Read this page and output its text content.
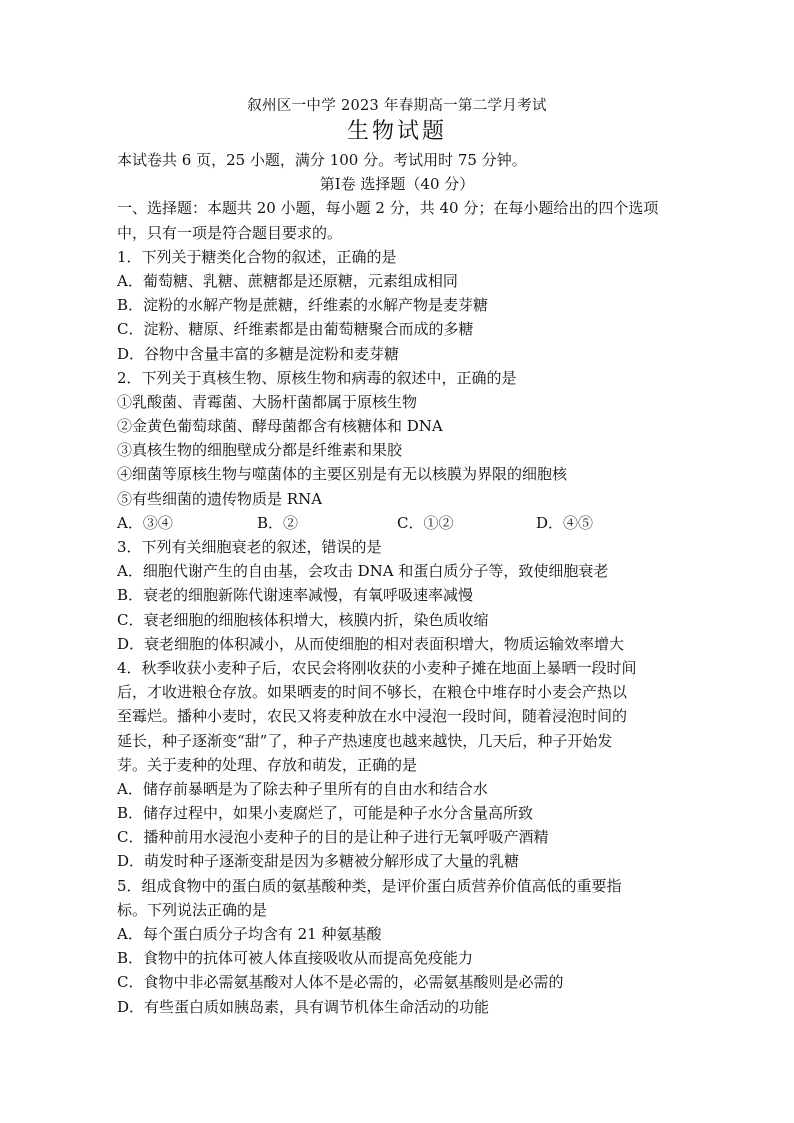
叙州区一中学 2023 年春期高一第二学月考试
生物试题
本试卷共 6 页，25 小题，满分 100 分。考试用时 75 分钟。
第Ⅰ卷 选择题（40 分）
一、选择题：本题共 20 小题，每小题 2 分，共 40 分；在每小题给出的四个选项
中，只有一项是符合题目要求的。
1．下列关于糖类化合物的叙述，正确的是
A．葡萄糖、乳糖、蔗糖都是还原糖，元素组成相同
B．淀粉的水解产物是蔗糖，纤维素的水解产物是麦芽糖
C．淀粉、糖原、纤维素都是由葡萄糖聚合而成的多糖
D．谷物中含量丰富的多糖是淀粉和麦芽糖
2．下列关于真核生物、原核生物和病毒的叙述中，正确的是
①乳酸菌、青霉菌、大肠杆菌都属于原核生物
②金黄色葡萄球菌、酵母菌都含有核糖体和 DNA
③真核生物的细胞壁成分都是纤维素和果胶
④细菌等原核生物与噬菌体的主要区别是有无以核膜为界限的细胞核
⑤有些细菌的遗传物质是 RNA
A．③④	B．②	C．①②	D．④⑤
3．下列有关细胞衰老的叙述，错误的是
A．细胞代谢产生的自由基，会攻击 DNA 和蛋白质分子等，致使细胞衰老
B．衰老的细胞新陈代谢速率减慢，有氧呼吸速率减慢
C．衰老细胞的细胞核体积增大，核膜内折，染色质收缩
D．衰老细胞的体积减小，从而使细胞的相对表面积增大，物质运输效率增大
4．秋季收获小麦种子后，农民会将刚收获的小麦种子摊在地面上暴晒一段时间
后，才收进粮仓存放。如果晒麦的时间不够长，在粮仓中堆存时小麦会产热以
至霉烂。播种小麦时，农民又将麦种放在水中浸泡一段时间，随着浸泡时间的
延长，种子逐渐变“甜”了，种子产热速度也越来越快，几天后，种子开始发
芽。关于麦种的处理、存放和萌发，正确的是
A．储存前暴晒是为了除去种子里所有的自由水和结合水
B．储存过程中，如果小麦腐烂了，可能是种子水分含量高所致
C．播种前用水浸泡小麦种子的目的是让种子进行无氧呼吸产酒精
D．萌发时种子逐渐变甜是因为多糖被分解形成了大量的乳糖
5．组成食物中的蛋白质的氨基酸种类，是评价蛋白质营养价值高低的重要指
标。下列说法正确的是
A．每个蛋白质分子均含有 21 种氨基酸
B．食物中的抗体可被人体直接吸收从而提高免疫能力
C．食物中非必需氨基酸对人体不是必需的，必需氨基酸则是必需的
D．有些蛋白质如胰岛素，具有调节机体生命活动的功能
